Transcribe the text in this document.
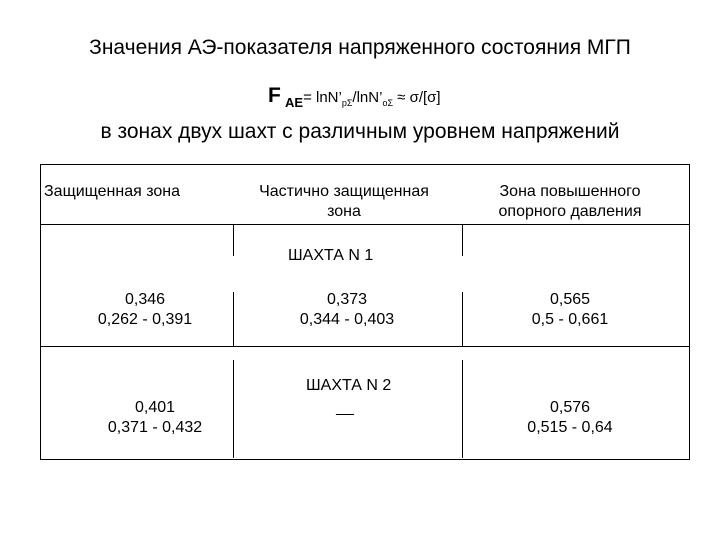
Значения АЭ-показателя напряженного состояния МГП
F $AE= \ln N’_{p\Sigma}/\ln N’_{o\Sigma} \approx \sigma/[\sigma]$
в зонах двух шахт с различным уровнем напряжений
Защищенная зона	Частично защищенная
зона
Зона повышенного
опорного давления
ШАХТА N 1
0,346
0,262 - 0,391
0,373
0,344 - 0,403
0,565
0,5 - 0,661
ШАХТА N 2
0,401
0,371 - 0,432
__	0,576
0,515 - 0,64
